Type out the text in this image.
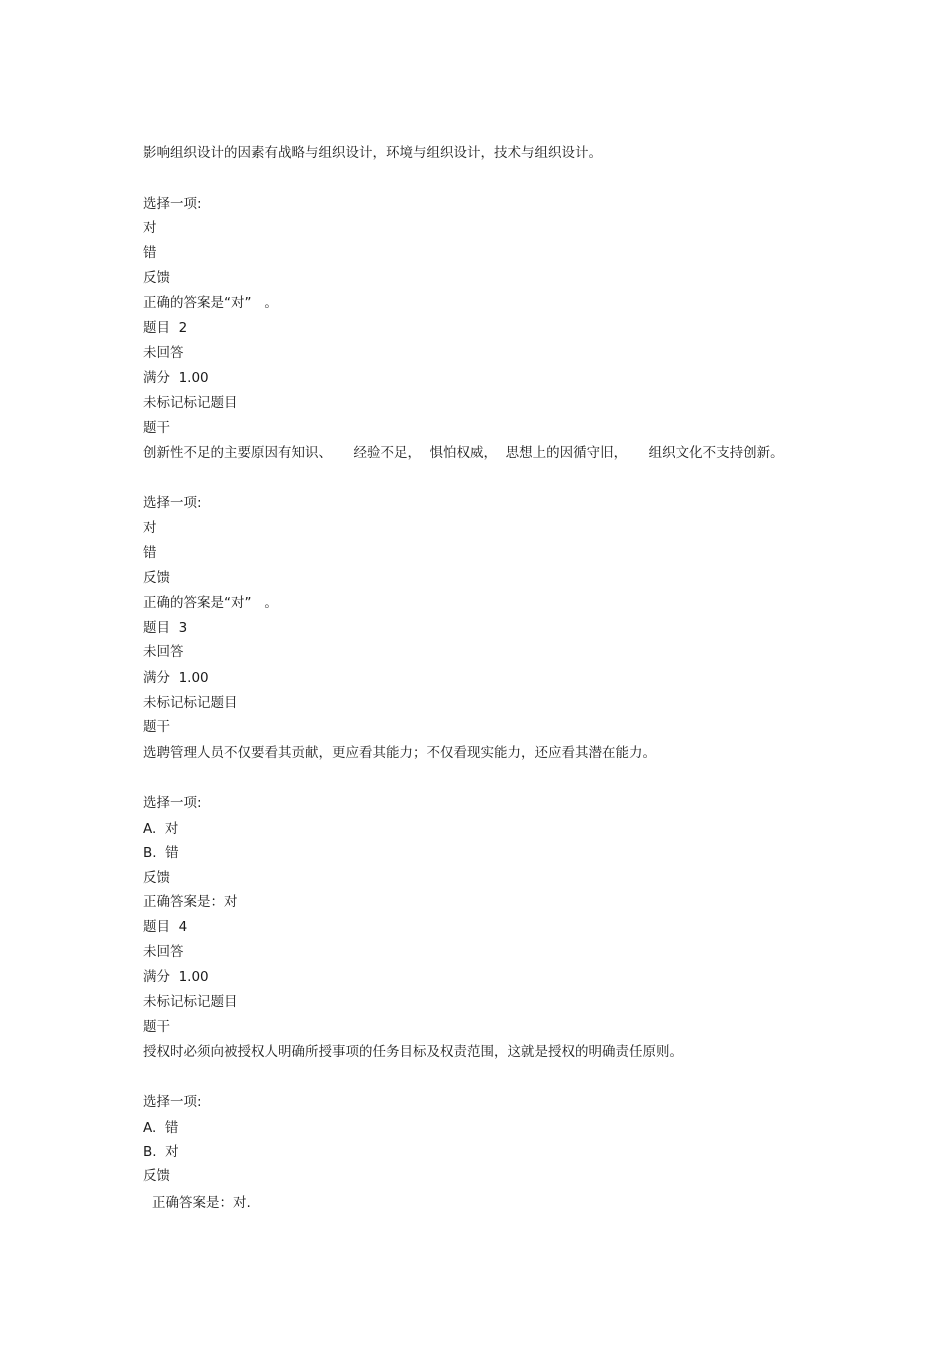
影响组织设计的因素有战略与组织设计，环境与组织设计，技术与组织设计。

选择一项:

对

错

反馈

正确的答案是“对”   。

题目  2

未回答

满分  1.00

未标记标记题目

题干

创新性不足的主要原因有知识、     经验不足，  惧怕权威，  思想上的因循守旧，     组织文化不支持创新。

选择一项:

对

错

反馈

正确的答案是“对”   。

题目  3

未回答

满分  1.00

未标记标记题目

题干

选聘管理人员不仅要看其贡献，更应看其能力；不仅看现实能力，还应看其潜在能力。

选择一项:

A.  对

B.  错

反馈

正确答案是：对

题目  4

未回答

满分  1.00

未标记标记题目

题干

授权时必须向被授权人明确所授事项的任务目标及权责范围，这就是授权的明确责任原则。

选择一项:

A.  错

B.  对

反馈

正确答案是：对.
